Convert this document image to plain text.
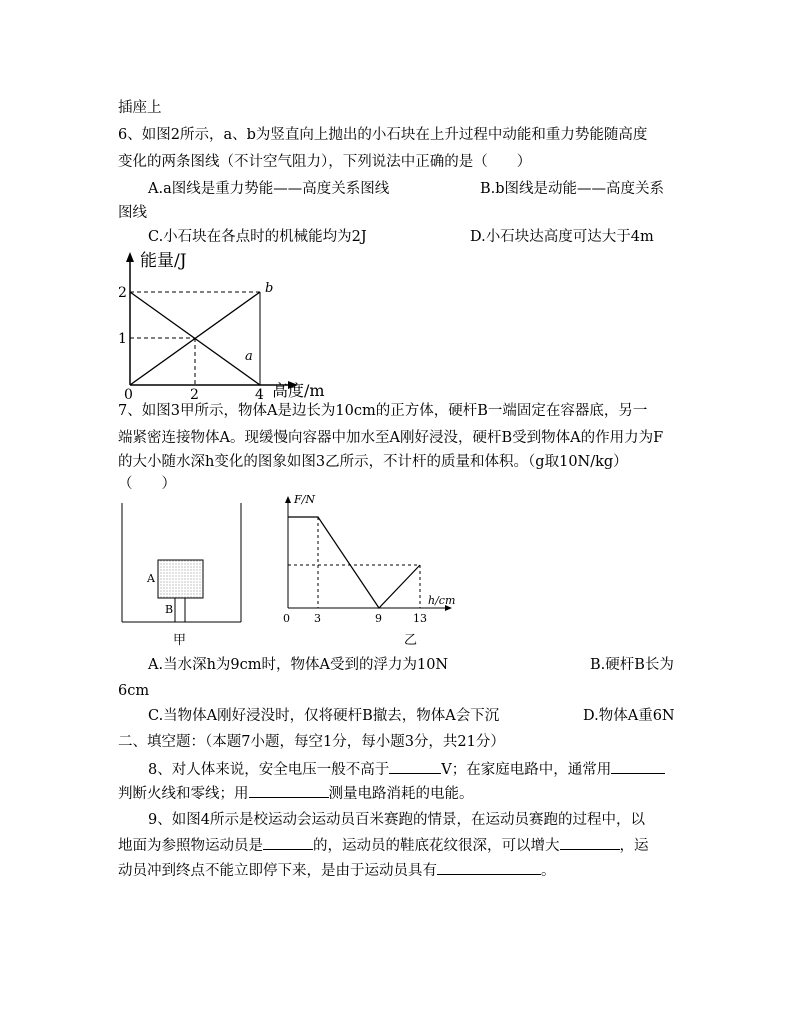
插座上
6、如图2所示，a、b为竖直向上抛出的小石块在上升过程中动能和重力势能随高度
变化的两条图线（不计空气阻力），下列说法中正确的是（　　）
A.a图线是重力势能——高度关系图线	B.b图线是动能——高度关系
图线
C.小石块在各点时的机械能均为2J	D.小石块达高度可达大于4m
能量/J
高度/m
2
1
0	2	4
b
a
7、如图3甲所示，物体A是边长为10cm的正方体，硬杆B一端固定在容器底，另一
端紧密连接物体A。现缓慢向容器中加水至A刚好浸没，硬杆B受到物体A的作用力为F
的大小随水深h变化的图象如图3乙所示，不计杆的质量和体积。（g取10N/kg）
（　　）
A
B
甲
F/N
h/cm
0 3	9	13
乙
A.当水深h为9cm时，物体A受到的浮力为10N	B.硬杆B长为
6cm
C.当物体A刚好浸没时，仅将硬杆B撤去，物体A会下沉	D.物体A重6N
二、填空题：（本题7小题，每空1分，每小题3分，共21分）
8、对人体来说，安全电压一般不高于	V；在家庭电路中，通常用
判断火线和零线；用	测量电路消耗的电能。
9、如图4所示是校运动会运动员百米赛跑的情景，在运动员赛跑的过程中，以
地面为参照物运动员是	的，运动员的鞋底花纹很深，可以增大	，运
动员冲到终点不能立即停下来，是由于运动员具有	。
